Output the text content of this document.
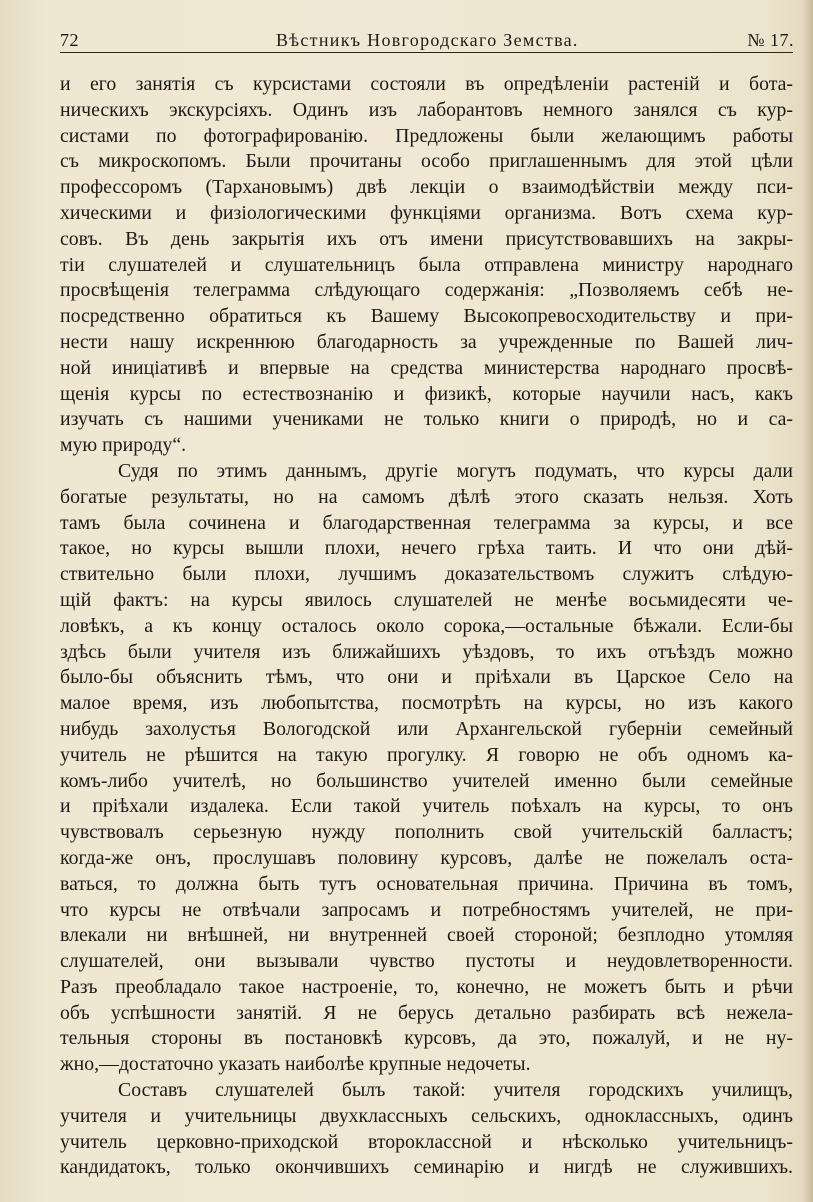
72	Вѣстникъ Новгородскаго Земства.	№ 17.
и его занятія съ курсистами состояли въ опредѣленіи растеній и бота-
ническихъ экскурсіяхъ. Одинъ изъ лаборантовъ немного занялся съ кур-
систами по фотографированію. Предложены были желающимъ работы
съ микроскопомъ. Были прочитаны особо приглашеннымъ для этой цѣли
профессоромъ (Тархановымъ) двѣ лекціи о взаимодѣйствіи между пси-
хическими и физіологическими функціями организма. Вотъ схема кур-
совъ. Въ день закрытія ихъ отъ имени присутствовавшихъ на закры-
тіи слушателей и слушательницъ была отправлена министру народнаго
просвѣщенія телеграмма слѣдующаго содержанія: „Позволяемъ себѣ не-
посредственно обратиться къ Вашему Высокопревосходительству и при-
нести нашу искреннюю благодарность за учрежденные по Вашей лич-
ной иниціативѣ и впервые на средства министерства народнаго просвѣ-
щенія курсы по естествознанію и физикѣ, которые научили насъ, какъ
изучать съ нашими учениками не только книги о природѣ, но и са-
мую природу“.
Судя по этимъ даннымъ, другіе могутъ подумать, что курсы дали
богатые результаты, но на самомъ дѣлѣ этого сказать нельзя. Хоть
тамъ была сочинена и благодарственная телеграмма за курсы, и все
такое, но курсы вышли плохи, нечего грѣха таить. И что они дѣй-
ствительно были плохи, лучшимъ доказательствомъ служитъ слѣдую-
щій фактъ: на курсы явилось слушателей не менѣе восьмидесяти че-
ловѣкъ, а къ концу осталось около сорока,—остальные бѣжали. Если-бы
здѣсь были учителя изъ ближайшихъ уѣздовъ, то ихъ отъѣздъ можно
было-бы объяснить тѣмъ, что они и пріѣхали въ Царское Село на
малое время, изъ любопытства, посмотрѣть на курсы, но изъ какого
нибудь захолустья Вологодской или Архангельской губерніи семейный
учитель не рѣшится на такую прогулку. Я говорю не объ одномъ ка-
комъ-либо учителѣ, но большинство учителей именно были семейные
и пріѣхали издалека. Если такой учитель поѣхалъ на курсы, то онъ
чувствовалъ серьезную нужду пополнить свой учительскій балластъ;
когда-же онъ, прослушавъ половину курсовъ, далѣе не пожелалъ оста-
ваться, то должна быть тутъ основательная причина. Причина въ томъ,
что курсы не отвѣчали запросамъ и потребностямъ учителей, не при-
влекали ни внѣшней, ни внутренней своей стороной; безплодно утомляя
слушателей, они вызывали чувство пустоты и неудовлетворенности.
Разъ преобладало такое настроеніе, то, конечно, не можетъ быть и рѣчи
объ успѣшности занятій. Я не берусь детально разбирать всѣ нежела-
тельныя стороны въ постановкѣ курсовъ, да это, пожалуй, и не ну-
жно,—достаточно указать наиболѣе крупные недочеты.
Составъ слушателей былъ такой: учителя городскихъ училищъ,
учителя и учительницы двухклассныхъ сельскихъ, одноклассныхъ, одинъ
учитель церковно-приходской второклассной и нѣсколько учительницъ-
кандидатокъ, только окончившихъ семинарію и нигдѣ не служившихъ.
